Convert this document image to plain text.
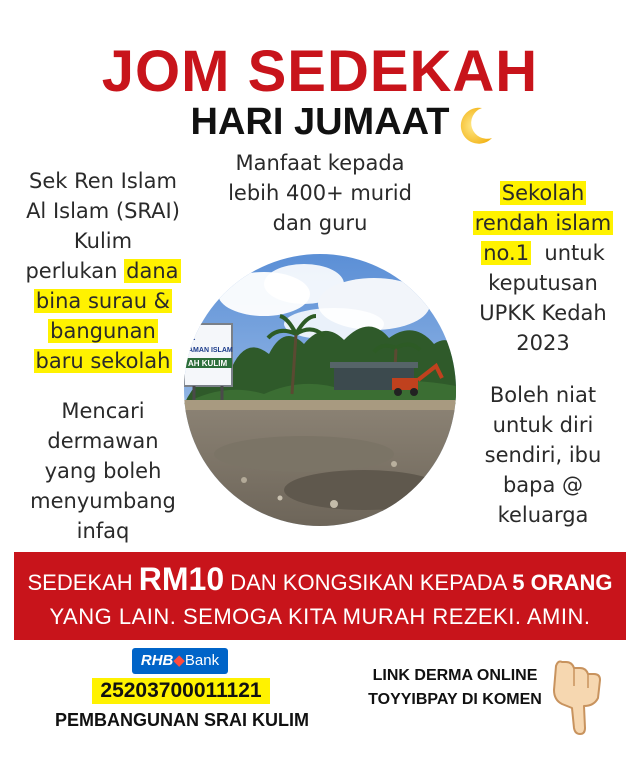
JOM SEDEKAH
HARI JUMAAT
Sek Ren Islam
Al Islam (SRAI)
Kulim
perlukan dana
bina surau &
bangunan
baru sekolah
Mencari
dermawan
yang boleh
menyumbang
infaq
Manfaat kepada
lebih 400+ murid
dan guru
Sekolah
rendah islam
no.1  untuk
keputusan
UPKK Kedah
2023
Boleh niat
untuk diri
sendiri, ibu
bapa @
keluarga
K
AMAN ISLAM
AH KULIM
SEDEKAH RM10 DAN KONGSIKAN KEPADA 5 ORANG
YANG LAIN. SEMOGA KITA MURAH REZEKI. AMIN.
RHB◆Bank
25203700011121
PEMBANGUNAN SRAI KULIM
LINK DERMA ONLINE
TOYYIBPAY DI KOMEN
